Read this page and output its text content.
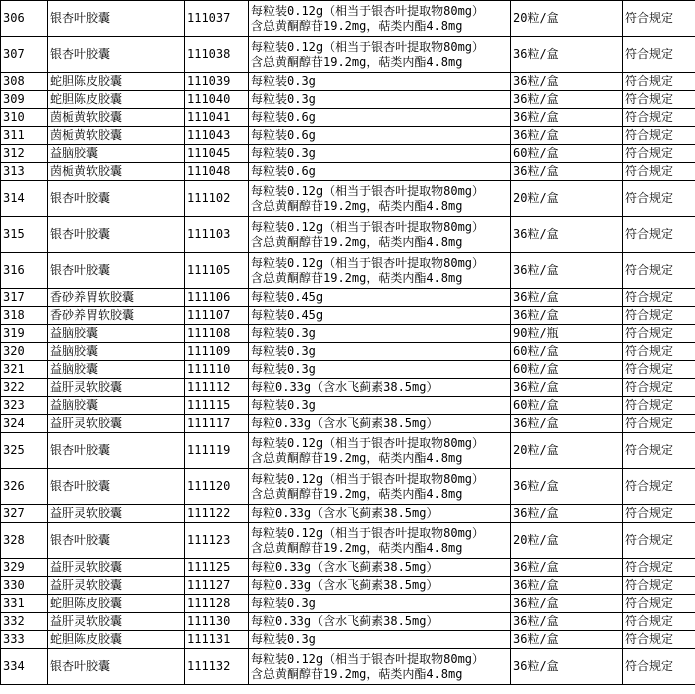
306	银杏叶胶囊	111037	每粒装0.12g（相当于银杏叶提取物80mg）
含总黄酮醇苷19.2mg，萜类内酯4.8mg	20粒/盒	符合规定
307	银杏叶胶囊	111038	每粒装0.12g（相当于银杏叶提取物80mg）
含总黄酮醇苷19.2mg，萜类内酯4.8mg	36粒/盒	符合规定
308	蛇胆陈皮胶囊	111039	每粒装0.3g	36粒/盒	符合规定
309	蛇胆陈皮胶囊	111040	每粒装0.3g	36粒/盒	符合规定
310	茵栀黄软胶囊	111041	每粒装0.6g	36粒/盒	符合规定
311	茵栀黄软胶囊	111043	每粒装0.6g	36粒/盒	符合规定
312	益脑胶囊	111045	每粒装0.3g	60粒/盒	符合规定
313	茵栀黄软胶囊	111048	每粒装0.6g	36粒/盒	符合规定
314	银杏叶胶囊	111102	每粒装0.12g（相当于银杏叶提取物80mg）
含总黄酮醇苷19.2mg，萜类内酯4.8mg	20粒/盒	符合规定
315	银杏叶胶囊	111103	每粒装0.12g（相当于银杏叶提取物80mg）
含总黄酮醇苷19.2mg，萜类内酯4.8mg	36粒/盒	符合规定
316	银杏叶胶囊	111105	每粒装0.12g（相当于银杏叶提取物80mg）
含总黄酮醇苷19.2mg，萜类内酯4.8mg	36粒/盒	符合规定
317	香砂养胃软胶囊	111106	每粒装0.45g	36粒/盒	符合规定
318	香砂养胃软胶囊	111107	每粒装0.45g	36粒/盒	符合规定
319	益脑胶囊	111108	每粒装0.3g	90粒/瓶	符合规定
320	益脑胶囊	111109	每粒装0.3g	60粒/盒	符合规定
321	益脑胶囊	111110	每粒装0.3g	60粒/盒	符合规定
322	益肝灵软胶囊	111112	每粒0.33g（含水飞蓟素38.5mg）	36粒/盒	符合规定
323	益脑胶囊	111115	每粒装0.3g	60粒/盒	符合规定
324	益肝灵软胶囊	111117	每粒0.33g（含水飞蓟素38.5mg）	36粒/盒	符合规定
325	银杏叶胶囊	111119	每粒装0.12g（相当于银杏叶提取物80mg）
含总黄酮醇苷19.2mg，萜类内酯4.8mg	20粒/盒	符合规定
326	银杏叶胶囊	111120	每粒装0.12g（相当于银杏叶提取物80mg）
含总黄酮醇苷19.2mg，萜类内酯4.8mg	36粒/盒	符合规定
327	益肝灵软胶囊	111122	每粒0.33g（含水飞蓟素38.5mg）	36粒/盒	符合规定
328	银杏叶胶囊	111123	每粒装0.12g（相当于银杏叶提取物80mg）
含总黄酮醇苷19.2mg，萜类内酯4.8mg	20粒/盒	符合规定
329	益肝灵软胶囊	111125	每粒0.33g（含水飞蓟素38.5mg）	36粒/盒	符合规定
330	益肝灵软胶囊	111127	每粒0.33g（含水飞蓟素38.5mg）	36粒/盒	符合规定
331	蛇胆陈皮胶囊	111128	每粒装0.3g	36粒/盒	符合规定
332	益肝灵软胶囊	111130	每粒0.33g（含水飞蓟素38.5mg）	36粒/盒	符合规定
333	蛇胆陈皮胶囊	111131	每粒装0.3g	36粒/盒	符合规定
334	银杏叶胶囊	111132	每粒装0.12g（相当于银杏叶提取物80mg）
含总黄酮醇苷19.2mg，萜类内酯4.8mg	36粒/盒	符合规定
